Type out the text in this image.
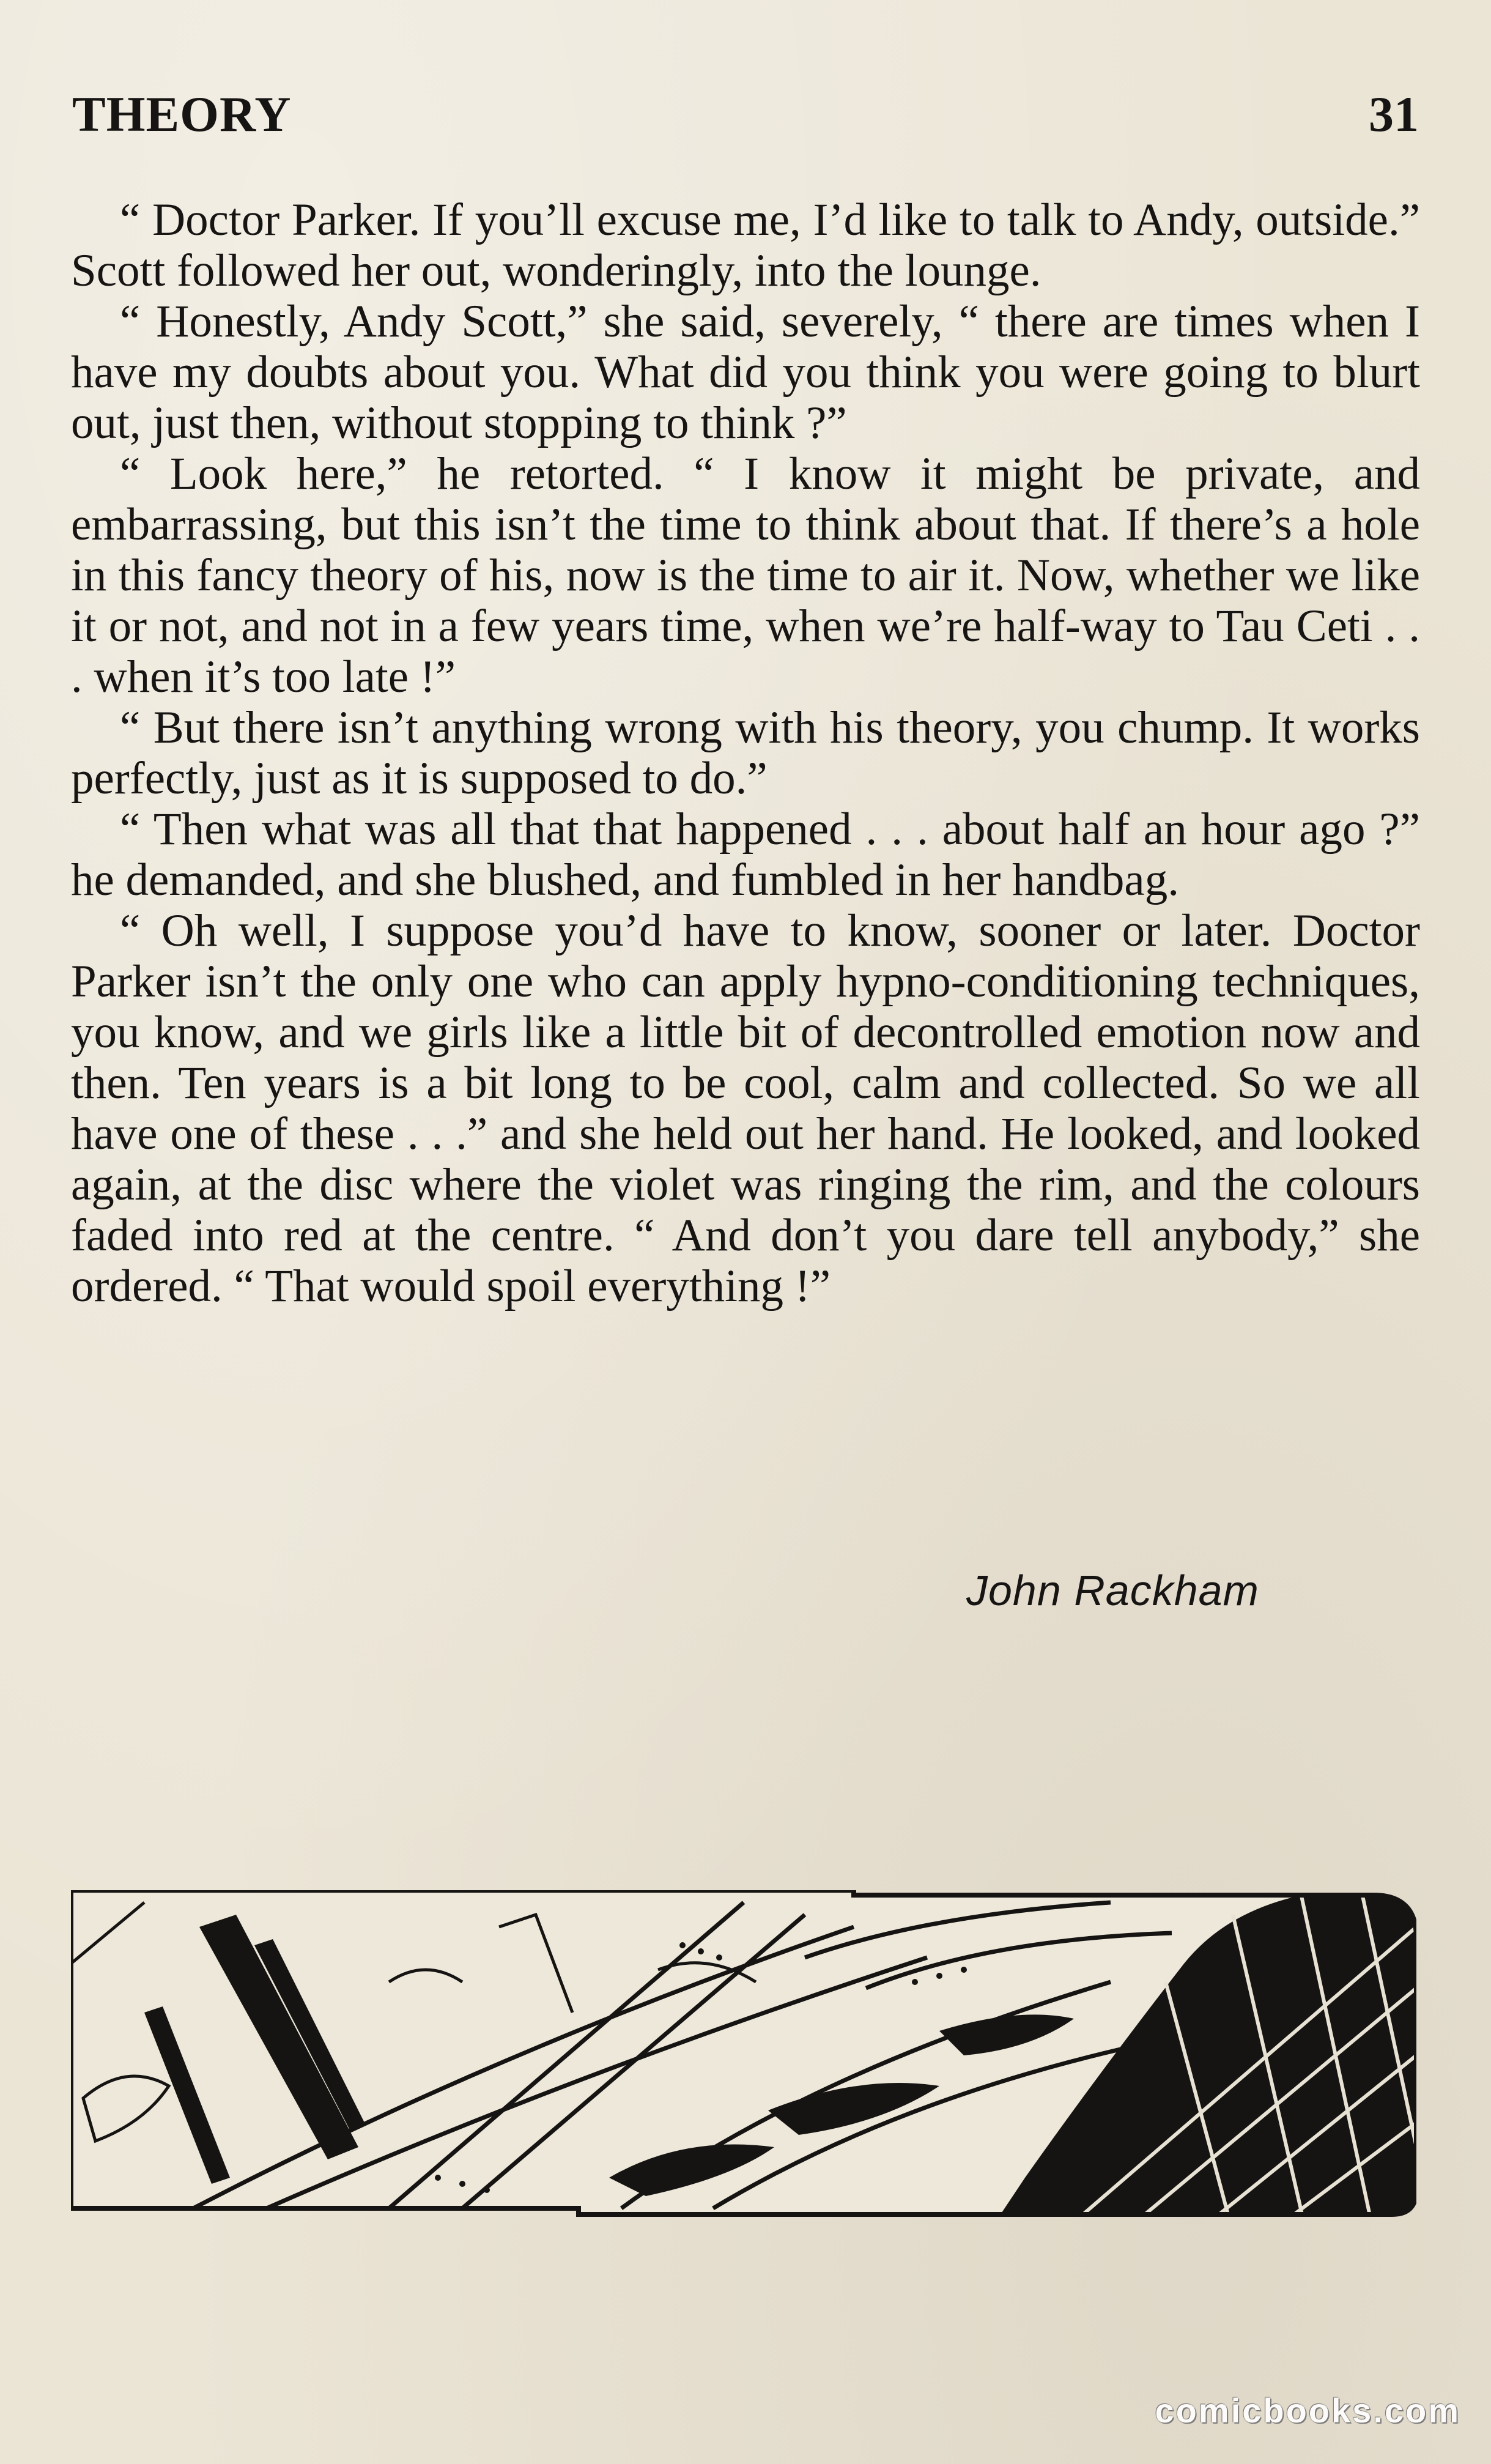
THEORY	31

“ Doctor Parker. If you’ll excuse me, I’d like to talk to Andy, outside.” Scott followed her out, wonderingly, into the lounge.

“ Honestly, Andy Scott,” she said, severely, “ there are times when I have my doubts about you. What did you think you were going to blurt out, just then, without stopping to think ?”

“ Look here,” he retorted. “ I know it might be private, and embarrassing, but this isn’t the time to think about that. If there’s a hole in this fancy theory of his, now is the time to air it. Now, whether we like it or not, and not in a few years time, when we’re half-way to Tau Ceti . . . when it’s too late !”

“ But there isn’t anything wrong with his theory, you chump. It works perfectly, just as it is supposed to do.”

“ Then what was all that that happened . . . about half an hour ago ?” he demanded, and she blushed, and fumbled in her handbag.

“ Oh well, I suppose you’d have to know, sooner or later. Doctor Parker isn’t the only one who can apply hypno-conditioning techniques, you know, and we girls like a little bit of decontrolled emotion now and then. Ten years is a bit long to be cool, calm and collected. So we all have one of these . . .” and she held out her hand. He looked, and looked again, at the disc where the violet was ringing the rim, and the colours faded into red at the centre. “ And don’t you dare tell anybody,” she ordered. “ That would spoil everything !”

John Rackham
comicbooks.com
